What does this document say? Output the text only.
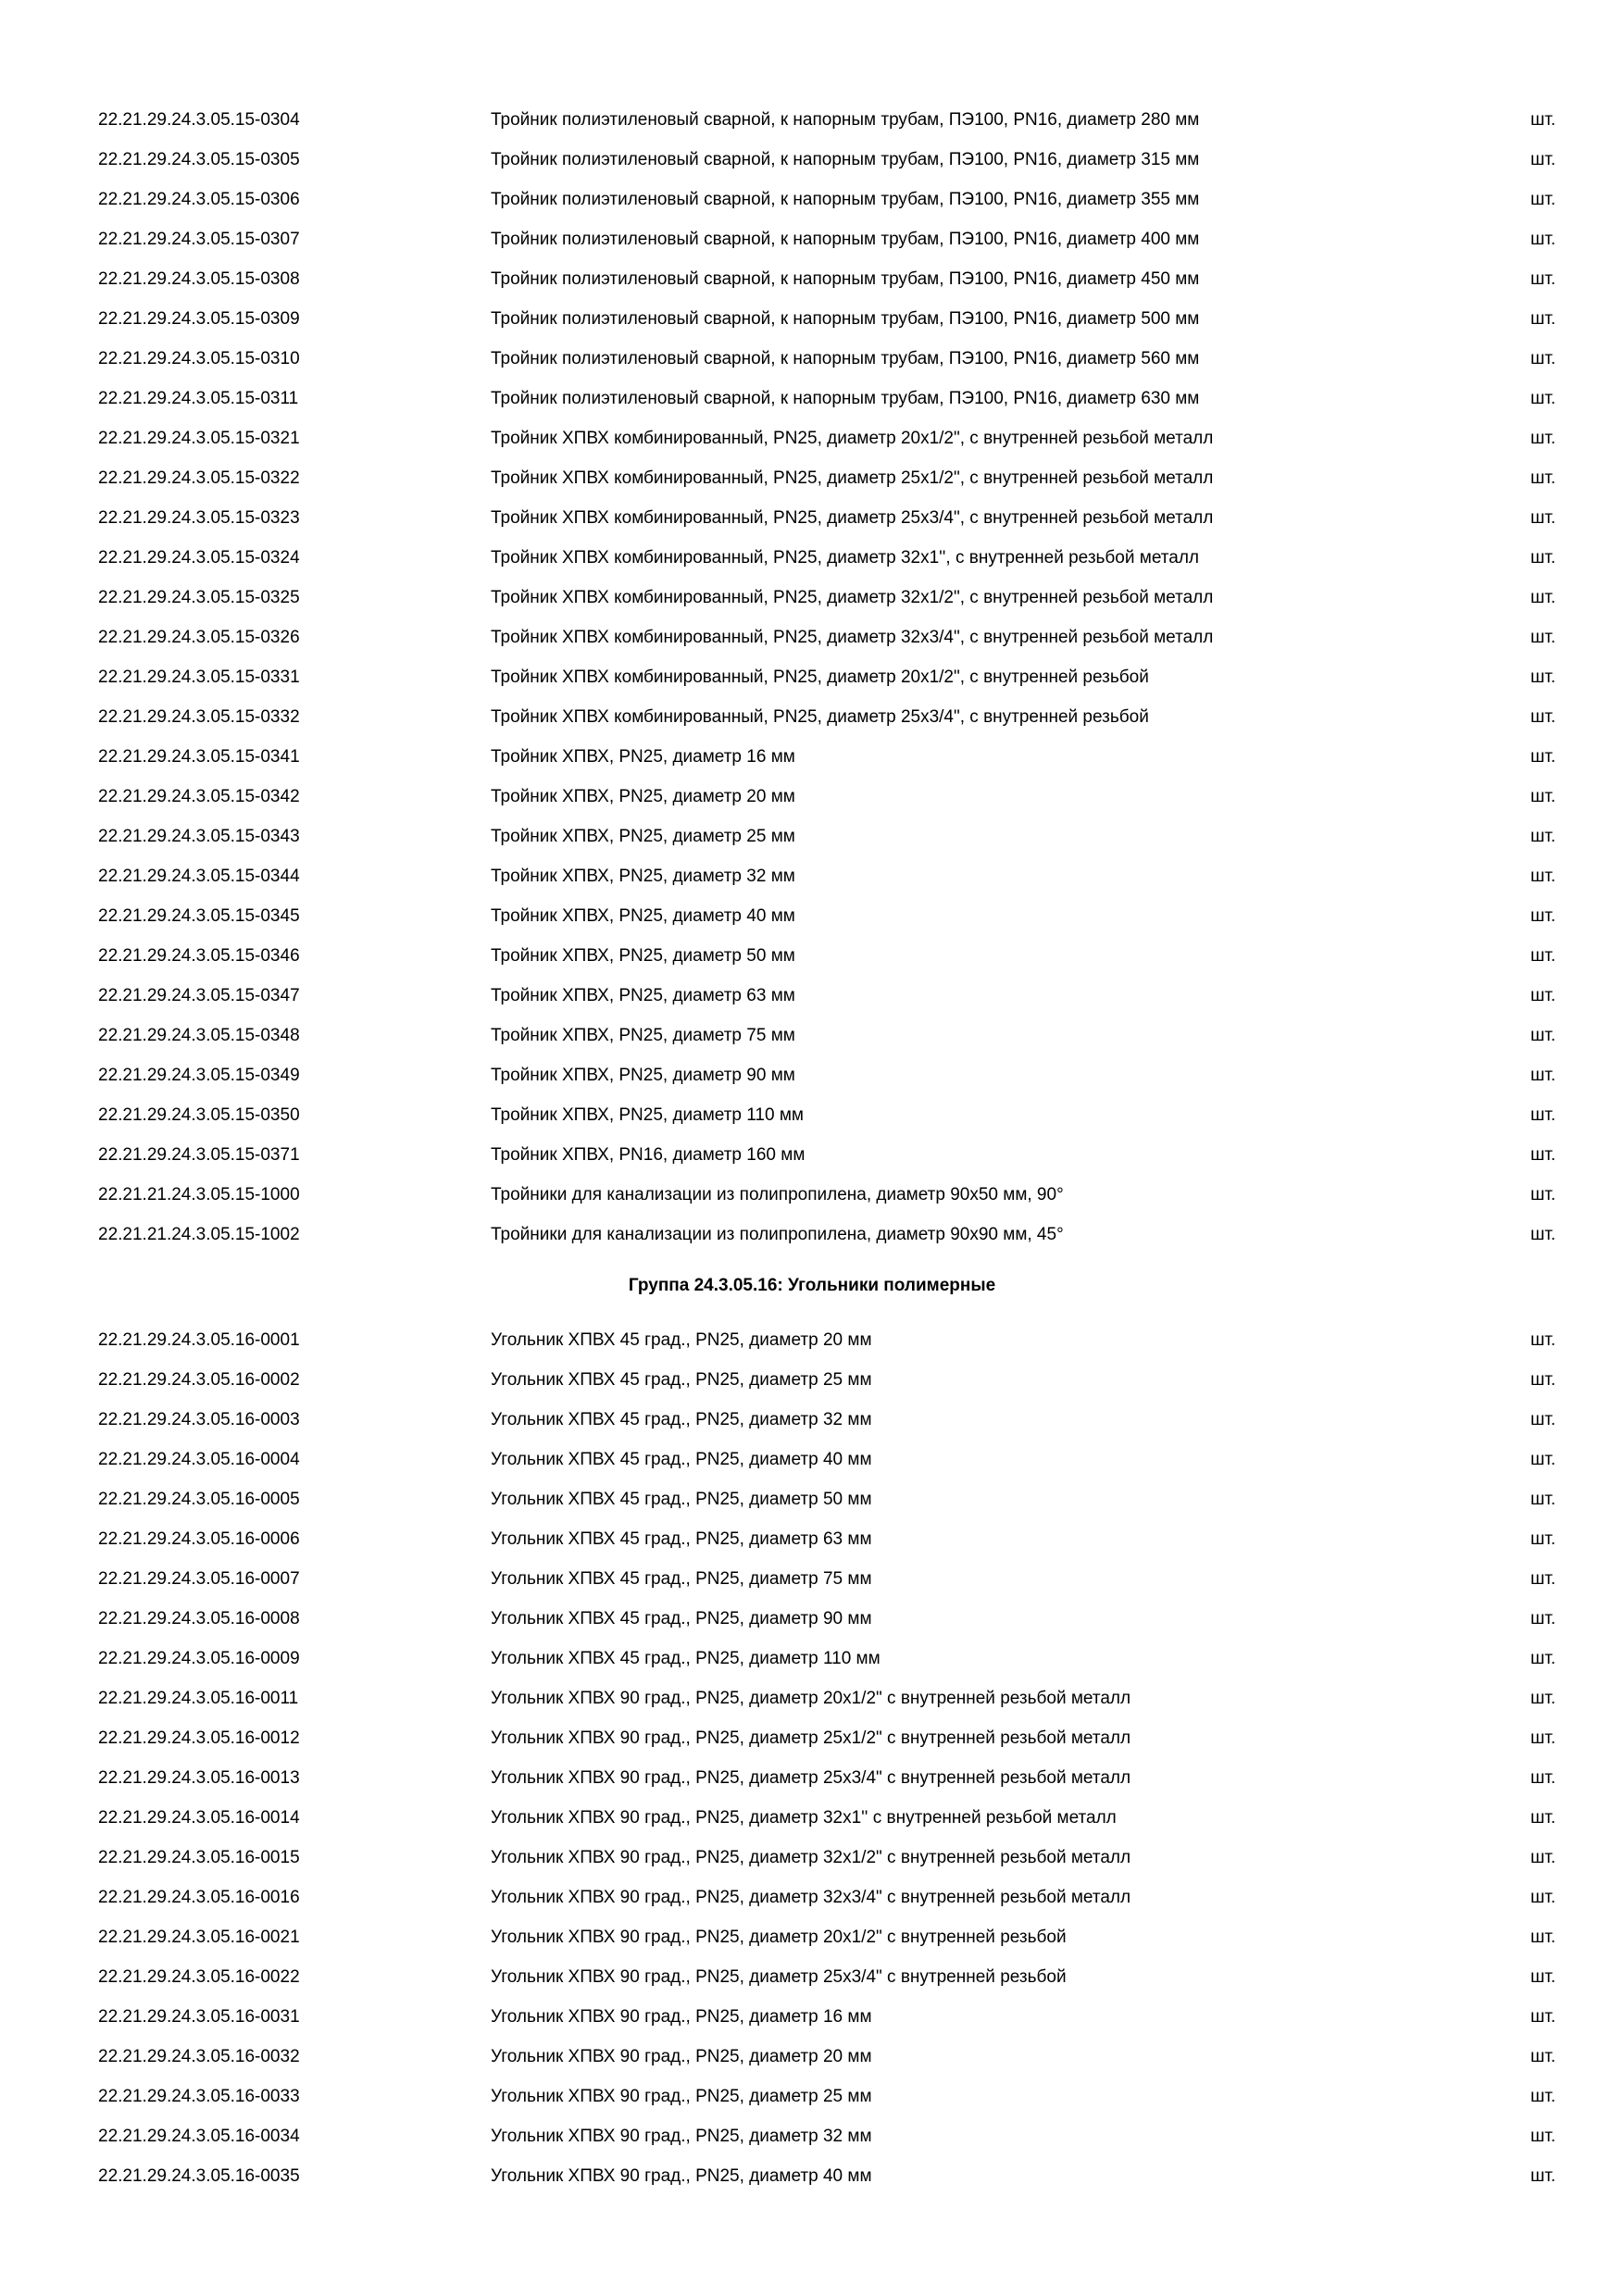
22.21.29.24.3.05.15-0304	Тройник полиэтиленовый сварной, к напорным трубам, ПЭ100, PN16, диаметр 280 мм	шт.
22.21.29.24.3.05.15-0305	Тройник полиэтиленовый сварной, к напорным трубам, ПЭ100, PN16, диаметр 315 мм	шт.
22.21.29.24.3.05.15-0306	Тройник полиэтиленовый сварной, к напорным трубам, ПЭ100, PN16, диаметр 355 мм	шт.
22.21.29.24.3.05.15-0307	Тройник полиэтиленовый сварной, к напорным трубам, ПЭ100, PN16, диаметр 400 мм	шт.
22.21.29.24.3.05.15-0308	Тройник полиэтиленовый сварной, к напорным трубам, ПЭ100, PN16, диаметр 450 мм	шт.
22.21.29.24.3.05.15-0309	Тройник полиэтиленовый сварной, к напорным трубам, ПЭ100, PN16, диаметр 500 мм	шт.
22.21.29.24.3.05.15-0310	Тройник полиэтиленовый сварной, к напорным трубам, ПЭ100, PN16, диаметр 560 мм	шт.
22.21.29.24.3.05.15-0311	Тройник полиэтиленовый сварной, к напорным трубам, ПЭ100, PN16, диаметр 630 мм	шт.
22.21.29.24.3.05.15-0321	Тройник ХПВХ комбинированный, PN25, диаметр 20х1/2", с внутренней резьбой металл	шт.
22.21.29.24.3.05.15-0322	Тройник ХПВХ комбинированный, PN25, диаметр 25х1/2", с внутренней резьбой металл	шт.
22.21.29.24.3.05.15-0323	Тройник ХПВХ комбинированный, PN25, диаметр 25х3/4", с внутренней резьбой металл	шт.
22.21.29.24.3.05.15-0324	Тройник ХПВХ комбинированный, PN25, диаметр 32х1'', с внутренней резьбой металл	шт.
22.21.29.24.3.05.15-0325	Тройник ХПВХ комбинированный, PN25, диаметр 32х1/2", с внутренней резьбой металл	шт.
22.21.29.24.3.05.15-0326	Тройник ХПВХ комбинированный, PN25, диаметр 32х3/4", с внутренней резьбой металл	шт.
22.21.29.24.3.05.15-0331	Тройник ХПВХ комбинированный, PN25, диаметр 20х1/2", с внутренней резьбой	шт.
22.21.29.24.3.05.15-0332	Тройник ХПВХ комбинированный, PN25, диаметр 25х3/4", с внутренней резьбой	шт.
22.21.29.24.3.05.15-0341	Тройник ХПВХ, PN25, диаметр 16 мм	шт.
22.21.29.24.3.05.15-0342	Тройник ХПВХ, PN25, диаметр 20 мм	шт.
22.21.29.24.3.05.15-0343	Тройник ХПВХ, PN25, диаметр 25 мм	шт.
22.21.29.24.3.05.15-0344	Тройник ХПВХ, PN25, диаметр 32 мм	шт.
22.21.29.24.3.05.15-0345	Тройник ХПВХ, PN25, диаметр 40 мм	шт.
22.21.29.24.3.05.15-0346	Тройник ХПВХ, PN25, диаметр 50 мм	шт.
22.21.29.24.3.05.15-0347	Тройник ХПВХ, PN25, диаметр 63 мм	шт.
22.21.29.24.3.05.15-0348	Тройник ХПВХ, PN25, диаметр 75 мм	шт.
22.21.29.24.3.05.15-0349	Тройник ХПВХ, PN25, диаметр 90 мм	шт.
22.21.29.24.3.05.15-0350	Тройник ХПВХ, PN25, диаметр 110 мм	шт.
22.21.29.24.3.05.15-0371	Тройник ХПВХ, PN16, диаметр 160 мм	шт.
22.21.21.24.3.05.15-1000	Тройники для канализации из полипропилена, диаметр 90х50 мм, 90°	шт.
22.21.21.24.3.05.15-1002	Тройники для канализации из полипропилена, диаметр 90х90 мм, 45°	шт.
Группа 24.3.05.16: Угольники полимерные
22.21.29.24.3.05.16-0001	Угольник ХПВХ 45 град., PN25, диаметр 20 мм	шт.
22.21.29.24.3.05.16-0002	Угольник ХПВХ 45 град., PN25, диаметр 25 мм	шт.
22.21.29.24.3.05.16-0003	Угольник ХПВХ 45 град., PN25, диаметр 32 мм	шт.
22.21.29.24.3.05.16-0004	Угольник ХПВХ 45 град., PN25, диаметр 40 мм	шт.
22.21.29.24.3.05.16-0005	Угольник ХПВХ 45 град., PN25, диаметр 50 мм	шт.
22.21.29.24.3.05.16-0006	Угольник ХПВХ 45 град., PN25, диаметр 63 мм	шт.
22.21.29.24.3.05.16-0007	Угольник ХПВХ 45 град., PN25, диаметр 75 мм	шт.
22.21.29.24.3.05.16-0008	Угольник ХПВХ 45 град., PN25, диаметр 90 мм	шт.
22.21.29.24.3.05.16-0009	Угольник ХПВХ 45 град., PN25, диаметр 110 мм	шт.
22.21.29.24.3.05.16-0011	Угольник ХПВХ 90 град., PN25, диаметр 20х1/2" с внутренней резьбой металл	шт.
22.21.29.24.3.05.16-0012	Угольник ХПВХ 90 град., PN25, диаметр 25х1/2" с внутренней резьбой металл	шт.
22.21.29.24.3.05.16-0013	Угольник ХПВХ 90 град., PN25, диаметр 25х3/4" с внутренней резьбой металл	шт.
22.21.29.24.3.05.16-0014	Угольник ХПВХ 90 град., PN25, диаметр 32х1'' с внутренней резьбой металл	шт.
22.21.29.24.3.05.16-0015	Угольник ХПВХ 90 град., PN25, диаметр 32х1/2" с внутренней резьбой металл	шт.
22.21.29.24.3.05.16-0016	Угольник ХПВХ 90 град., PN25, диаметр 32х3/4" с внутренней резьбой металл	шт.
22.21.29.24.3.05.16-0021	Угольник ХПВХ 90 град., PN25, диаметр 20х1/2" с внутренней резьбой	шт.
22.21.29.24.3.05.16-0022	Угольник ХПВХ 90 град., PN25, диаметр 25х3/4" с внутренней резьбой	шт.
22.21.29.24.3.05.16-0031	Угольник ХПВХ 90 град., PN25, диаметр 16 мм	шт.
22.21.29.24.3.05.16-0032	Угольник ХПВХ 90 град., PN25, диаметр 20 мм	шт.
22.21.29.24.3.05.16-0033	Угольник ХПВХ 90 град., PN25, диаметр 25 мм	шт.
22.21.29.24.3.05.16-0034	Угольник ХПВХ 90 град., PN25, диаметр 32 мм	шт.
22.21.29.24.3.05.16-0035	Угольник ХПВХ 90 град., PN25, диаметр 40 мм	шт.
